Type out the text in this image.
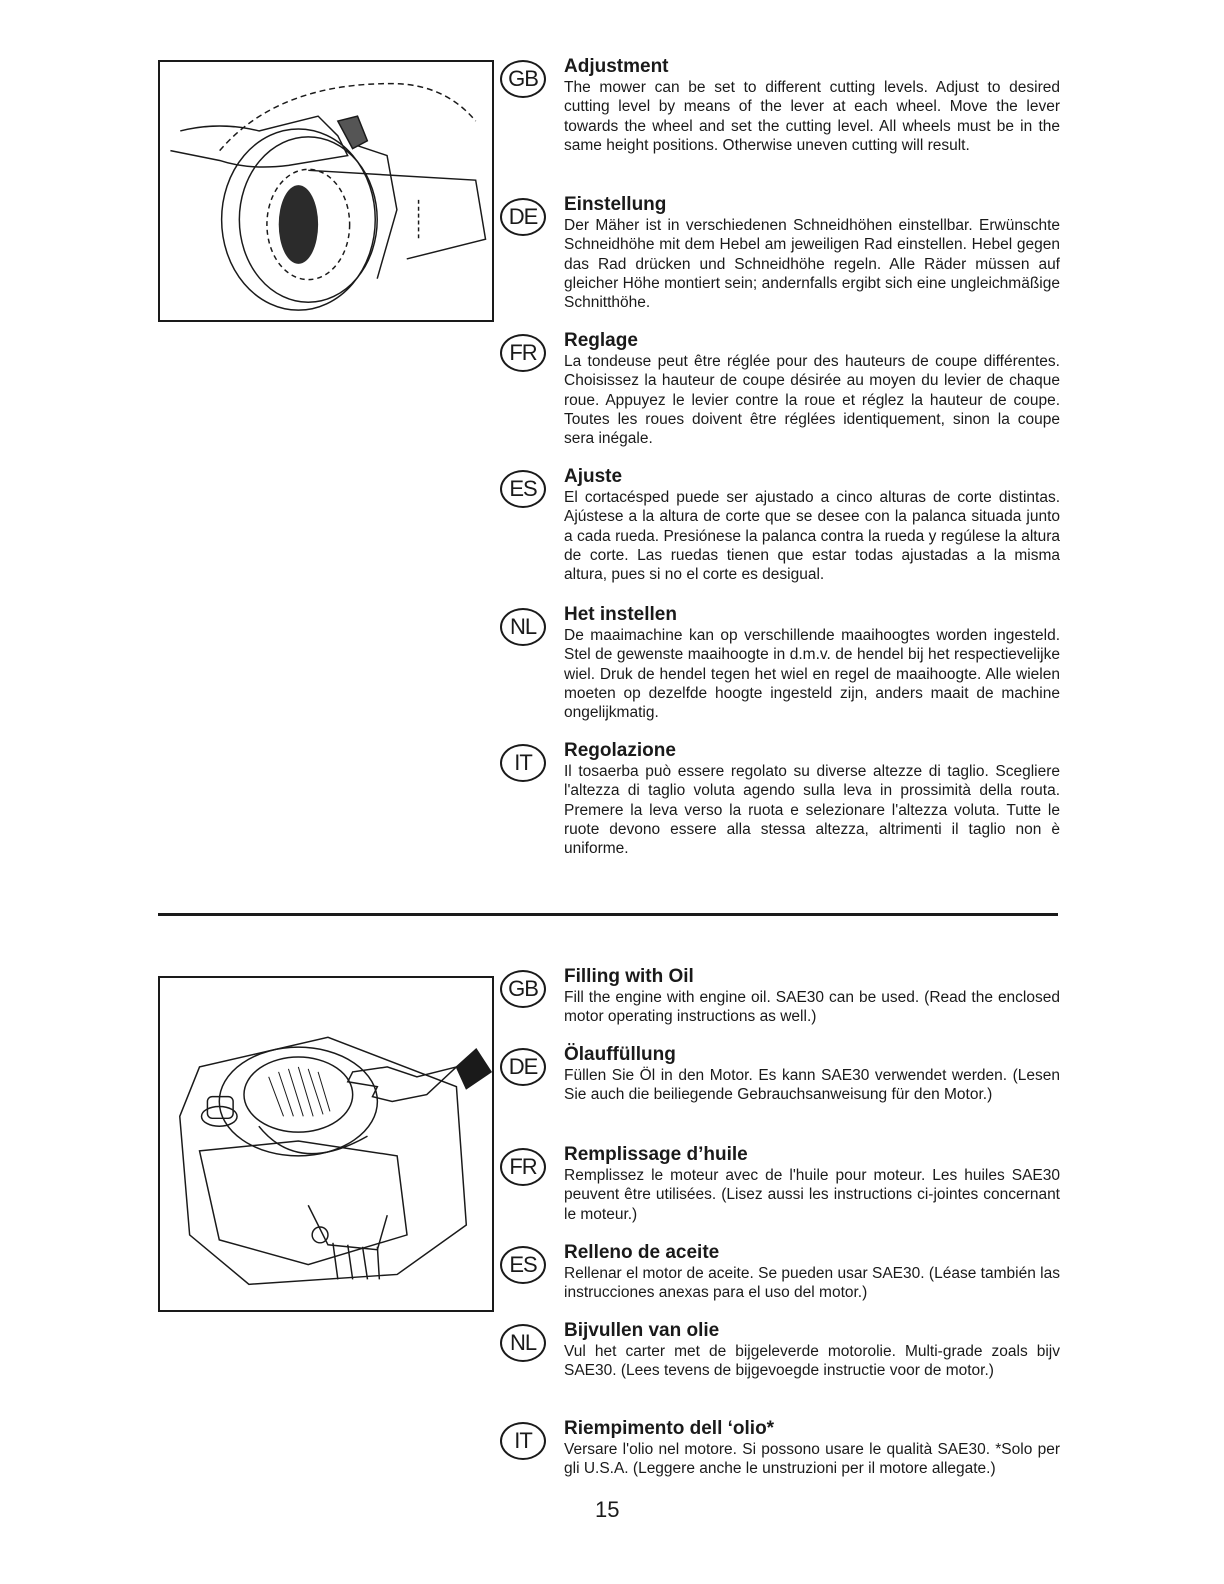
GB	Adjustment

The mower can be set to different cutting levels. Adjust to desired cutting level by means of the lever at each wheel. Move the lever towards the wheel and set the cutting level. All wheels must be in the same height positions. Otherwise uneven cutting will result.

DE	Einstellung

Der Mäher ist in verschiedenen Schneidhöhen einstellbar. Erwünschte Schneidhöhe mit dem Hebel am jeweiligen Rad einstellen. Hebel gegen das Rad drücken und Schneidhöhe regeln. Alle Räder müssen auf gleicher Höhe montiert sein; andernfalls ergibt sich eine ungleichmäßige Schnitthöhe.

FR	Reglage

La tondeuse peut être réglée pour des hauteurs de coupe différentes. Choisissez la hauteur de coupe désirée au moyen du levier de chaque roue. Appuyez le levier contre la roue et réglez la hauteur de coupe. Toutes les roues doivent être réglées identiquement, sinon la coupe sera inégale.

ES	Ajuste

El cortacésped puede ser ajustado a cinco alturas de corte distintas. Ajústese a la altura de corte que se desee con la palanca situada junto a cada rueda. Presiónese la palanca contra la rueda y regúlese la altura de corte. Las ruedas tienen que estar todas ajustadas a la misma altura, pues si no el corte es desigual.

NL	Het instellen

De maaimachine kan op verschillende maaihoogtes worden ingesteld. Stel de gewenste maaihoogte in d.m.v. de hendel bij het respectievelijke wiel. Druk de hendel tegen het wiel en regel de maaihoogte. Alle wielen moeten op dezelfde hoogte ingesteld zijn, anders maait de machine ongelijkmatig.

IT	Regolazione

Il tosaerba può essere regolato su diverse altezze di taglio. Scegliere l'altezza di taglio voluta agendo sulla leva in prossimità della routa. Premere la leva verso la ruota e selezionare l'altezza voluta. Tutte le ruote devono essere alla stessa altezza, altrimenti il taglio non è uniforme.

GB	Filling with Oil

Fill the engine with engine oil. SAE30 can be used. (Read the enclosed motor operating instructions as well.)

DE	Ölauffüllung

Füllen Sie Öl in den Motor. Es kann SAE30 verwendet werden. (Lesen Sie auch die beiliegende Gebrauchsanweisung für den Motor.)

FR	Remplissage d’huile

Remplissez le moteur avec de l'huile pour moteur. Les huiles SAE30 peuvent être utilisées. (Lisez aussi les instructions ci-jointes concernant le moteur.)

ES	Relleno de aceite

Rellenar el motor de aceite. Se pueden usar SAE30. (Léase también las instrucciones anexas para el uso del motor.)

NL	Bijvullen van olie

Vul het carter met de bijgeleverde motorolie. Multi-grade zoals bijv SAE30. (Lees tevens de bijgevoegde instructie voor de motor.)

IT	Riempimento dell ‘olio*

Versare l'olio nel motore. Si possono usare le qualità SAE30. *Solo per gli U.S.A. (Leggere anche le unstruzioni per il motore allegate.)

15
